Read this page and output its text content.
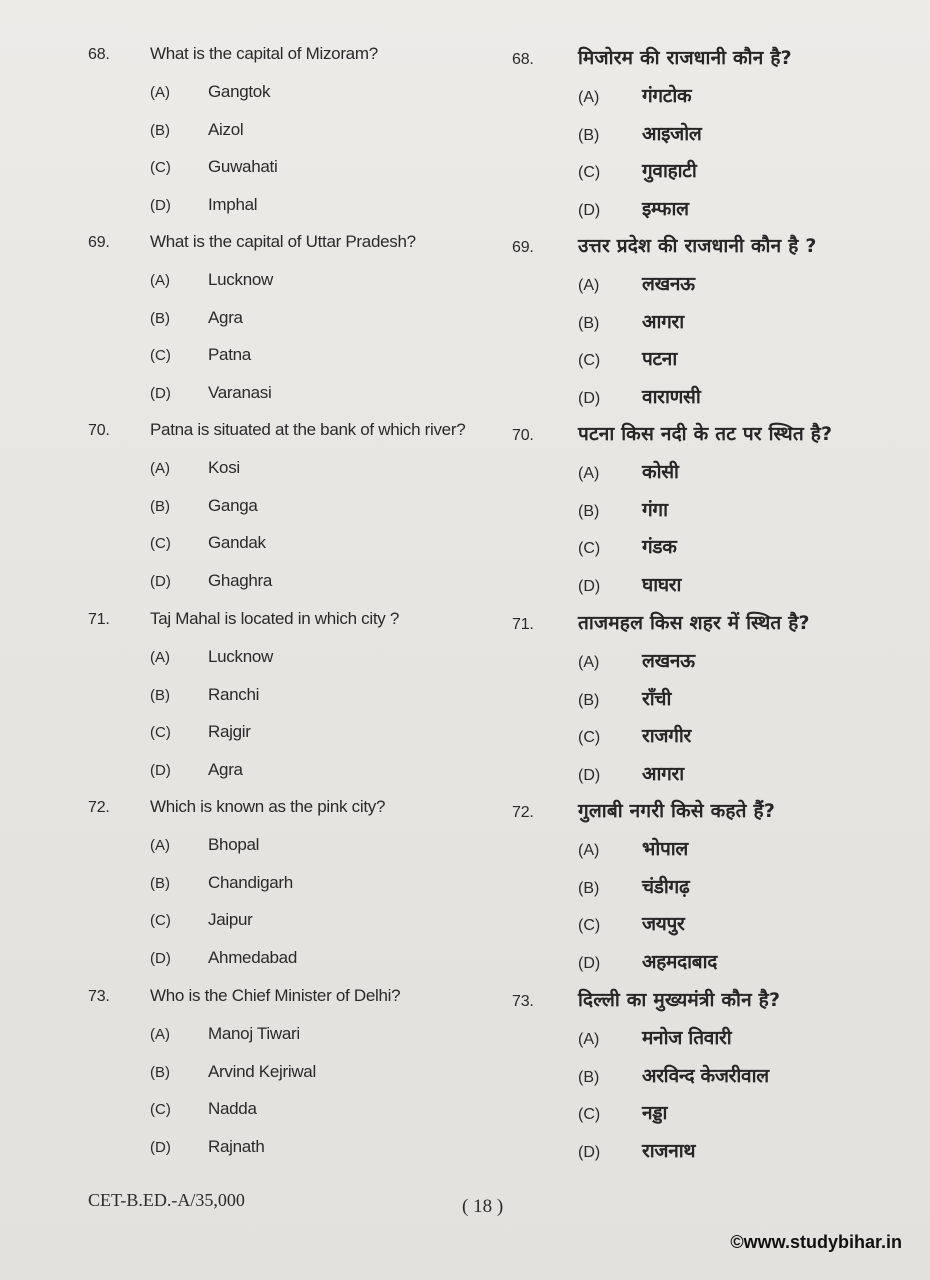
68.	What is the capital of Mizoram?
(A)	Gangtok
(B)	Aizol
(C)	Guwahati
(D)	Imphal
69.	What is the capital of Uttar Pradesh?
(A)	Lucknow
(B)	Agra
(C)	Patna
(D)	Varanasi
70.	Patna is situated at the bank of which river?
(A)	Kosi
(B)	Ganga
(C)	Gandak
(D)	Ghaghra
71.	Taj Mahal is located in which city ?
(A)	Lucknow
(B)	Ranchi
(C)	Rajgir
(D)	Agra
72.	Which is known as the pink city?
(A)	Bhopal
(B)	Chandigarh
(C)	Jaipur
(D)	Ahmedabad
73.	Who is the Chief Minister of Delhi?
(A)	Manoj Tiwari
(B)	Arvind Kejriwal
(C)	Nadda
(D)	Rajnath
68.	मिजोरम की राजधानी कौन है?
(A)	गंगटोक
(B)	आइजोल
(C)	गुवाहाटी
(D)	इम्फाल
69.	उत्तर प्रदेश की राजधानी कौन है ?
(A)	लखनऊ
(B)	आगरा
(C)	पटना
(D)	वाराणसी
70.	पटना किस नदी के तट पर स्थित है?
(A)	कोसी
(B)	गंगा
(C)	गंडक
(D)	घाघरा
71.	ताजमहल किस शहर में स्थित है?
(A)	लखनऊ
(B)	राँची
(C)	राजगीर
(D)	आगरा
72.	गुलाबी नगरी किसे कहते हैं?
(A)	भोपाल
(B)	चंडीगढ़
(C)	जयपुर
(D)	अहमदाबाद
73.	दिल्ली का मुख्यमंत्री कौन है?
(A)	मनोज तिवारी
(B)	अरविन्द केजरीवाल
(C)	नड्डा
(D)	राजनाथ
CET-B.ED.-A/35,000	( 18 )
©www.studybihar.in
